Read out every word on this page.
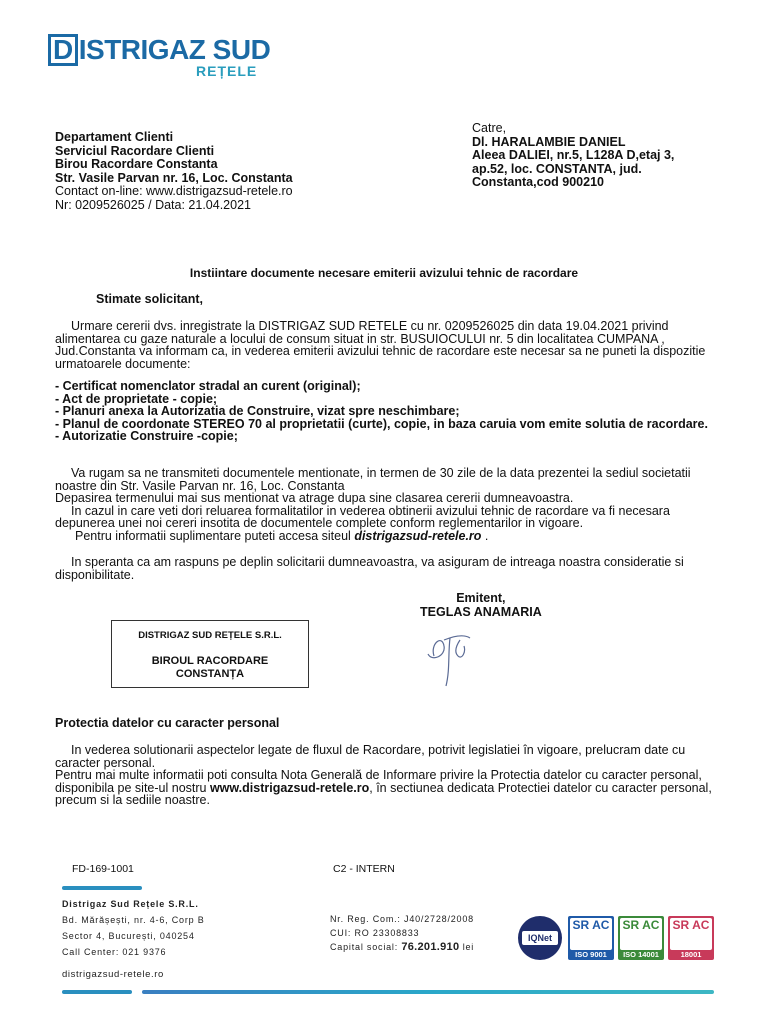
D ISTRIGAZ SUD
REȚELE
Departament Clienti
Serviciul Racordare Clienti
Birou Racordare Constanta
Str. Vasile Parvan nr. 16, Loc. Constanta
Contact on-line: www.distrigazsud-retele.ro
Nr: 0209526025 / Data: 21.04.2021
Catre,
Dl. HARALAMBIE DANIEL
Aleea DALIEI, nr.5, L128A D,etaj 3,
ap.52, loc. CONSTANTA, jud.
Constanta,cod 900210
Instiintare documente necesare emiterii avizului tehnic de racordare
Stimate solicitant,
Urmare cererii dvs. inregistrate la DISTRIGAZ SUD RETELE cu nr. 0209526025 din data 19.04.2021 privind alimentarea cu gaze naturale a locului de consum situat in str. BUSUIOCULUI nr. 5 din localitatea CUMPANA , Jud.Constanta va informam ca, in vederea emiterii avizului tehnic de racordare este necesar sa ne puneti la dispozitie urmatoarele documente:
- Certificat nomenclator stradal an curent (original);
- Act de proprietate - copie;
- Planuri anexa la Autorizatia de Construire, vizat spre neschimbare;
- Planul de coordonate STEREO 70 al proprietatii (curte), copie, in baza caruia vom emite solutia de racordare.
- Autorizatie Construire -copie;
Va rugam sa ne transmiteti documentele mentionate, in termen de 30 zile de la data prezentei la sediul societatii noastre din Str. Vasile Parvan nr. 16, Loc. Constanta
Depasirea termenului mai sus mentionat va atrage dupa sine clasarea cererii dumneavoastra.
In cazul in care veti dori reluarea formalitatilor in vederea obtinerii avizului tehnic de racordare va fi necesara depunerea unei noi cereri insotita de documentele complete conform reglementarilor in vigoare.
Pentru informatii suplimentare puteti accesa siteul distrigazsud-retele.ro .
In speranta ca am raspuns pe deplin solicitarii dumneavoastra, va asiguram de intreaga noastra consideratie si disponibilitate.
Emitent,
TEGLAS ANAMARIA
DISTRIGAZ SUD REȚELE S.R.L.
BIROUL RACORDARE
CONSTANȚA
Protectia datelor cu caracter personal
In vederea solutionarii aspectelor legate de fluxul de Racordare, potrivit legislatiei în vigoare, prelucram date cu caracter personal.
Pentru mai multe informatii poti consulta Nota Generală de Informare privire la Protectia datelor cu caracter personal, disponibila pe site-ul nostru www.distrigazsud-retele.ro, în sectiunea dedicata Protectiei datelor cu caracter personal, precum si la sediile noastre.
FD-169-1001	C2 - INTERN
Distrigaz Sud Rețele S.R.L.
Bd. Mărășești, nr. 4-6, Corp B
Sector 4, București, 040254
Call Center: 021 9376
Nr. Reg. Com.: J40/2728/2008
CUI: RO 23308833
Capital social: 76.201.910 lei
IQNet
SR AC
ISO 9001
SR AC
ISO 14001
SR AC
OHSAS 18001
distrigazsud-retele.ro
